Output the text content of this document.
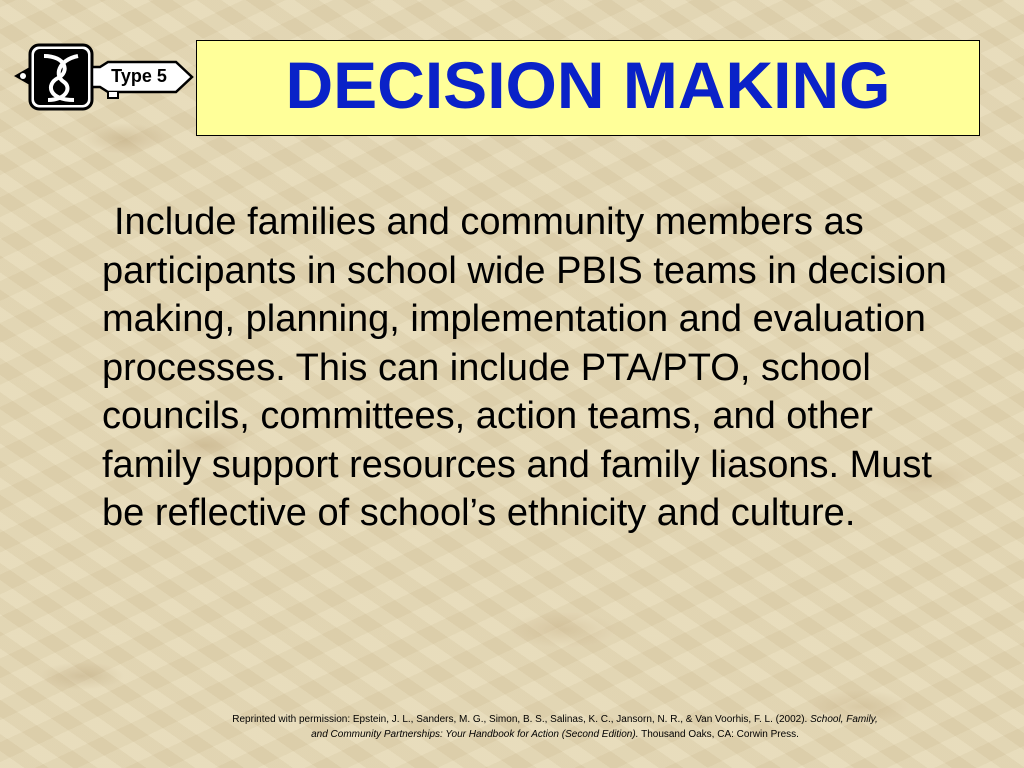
Type 5	DECISION MAKING

Include families and community members as participants in school wide PBIS teams in decision making, planning, implementation and evaluation processes. This can include PTA/PTO, school councils, committees, action teams, and other family support resources and family liasons. Must be reflective of school’s ethnicity and culture.

Reprinted with permission: Epstein, J. L., Sanders, M. G., Simon, B. S., Salinas, K. C., Jansorn, N. R., & Van Voorhis, F. L. (2002). School, Family,
and Community Partnerships: Your Handbook for Action (Second Edition). Thousand Oaks, CA: Corwin Press.
